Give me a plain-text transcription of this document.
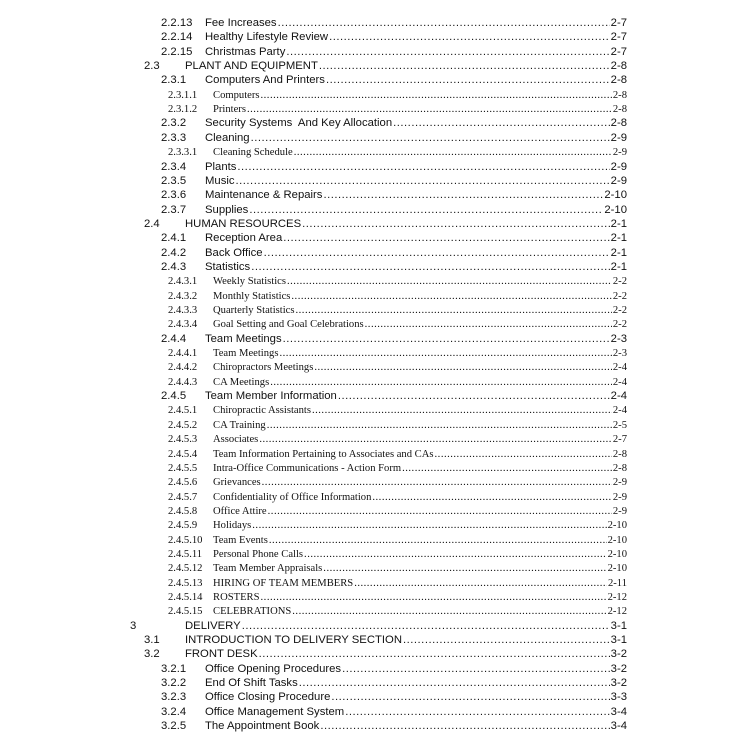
2.2.13	Fee Increases .....	2-7
2.2.14	Healthy Lifestyle Review .....	2-7
2.2.15	Christmas Party .....	2-7
2.3	PLANT AND EQUIPMENT .....	2-8
2.3.1	Computers And Printers .....	2-8
2.3.1.1	Computers .....	2-8
2.3.1.2	Printers .....	2-8
2.3.2	Security Systems  And Key Allocation .....	2-8
2.3.3	Cleaning .....	2-9
2.3.3.1	Cleaning Schedule .....	2-9
2.3.4	Plants .....	2-9
2.3.5	Music .....	2-9
2.3.6	Maintenance & Repairs .....	2-10
2.3.7	Supplies .....	2-10
2.4	HUMAN RESOURCES .....	2-1
2.4.1	Reception Area .....	2-1
2.4.2	Back Office .....	2-1
2.4.3	Statistics .....	2-1
2.4.3.1	Weekly Statistics .....	2-2
2.4.3.2	Monthly Statistics .....	2-2
2.4.3.3	Quarterly Statistics .....	2-2
2.4.3.4	Goal Setting and Goal Celebrations .....	2-2
2.4.4	Team Meetings .....	2-3
2.4.4.1	Team Meetings .....	2-3
2.4.4.2	Chiropractors Meetings .....	2-4
2.4.4.3	CA Meetings .....	2-4
2.4.5	Team Member Information .....	2-4
2.4.5.1	Chiropractic Assistants .....	2-4
2.4.5.2	CA Training .....	2-5
2.4.5.3	Associates .....	2-7
2.4.5.4	Team Information Pertaining to Associates and CAs .....	2-8
2.4.5.5	Intra-Office Communications - Action Form .....	2-8
2.4.5.6	Grievances .....	2-9
2.4.5.7	Confidentiality of Office Information .....	2-9
2.4.5.8	Office Attire .....	2-9
2.4.5.9	Holidays .....	2-10
2.4.5.10 Team Events .....	2-10
2.4.5.11	Personal Phone Calls .....	2-10
2.4.5.12 Team Member Appraisals .....	2-10
2.4.5.13 HIRING OF TEAM MEMBERS .....	2-11
2.4.5.14 ROSTERS .....	2-12
2.4.5.15 CELEBRATIONS .....	2-12
3	DELIVERY .....	3-1
3.1	INTRODUCTION TO DELIVERY SECTION .....	3-1
3.2	FRONT DESK .....	3-2
3.2.1	Office Opening Procedures .....	3-2
3.2.2	End Of Shift Tasks .....	3-2
3.2.3	Office Closing Procedure .....	3-3
3.2.4	Office Management System .....	3-4
3.2.5	The Appointment Book .....	3-4
